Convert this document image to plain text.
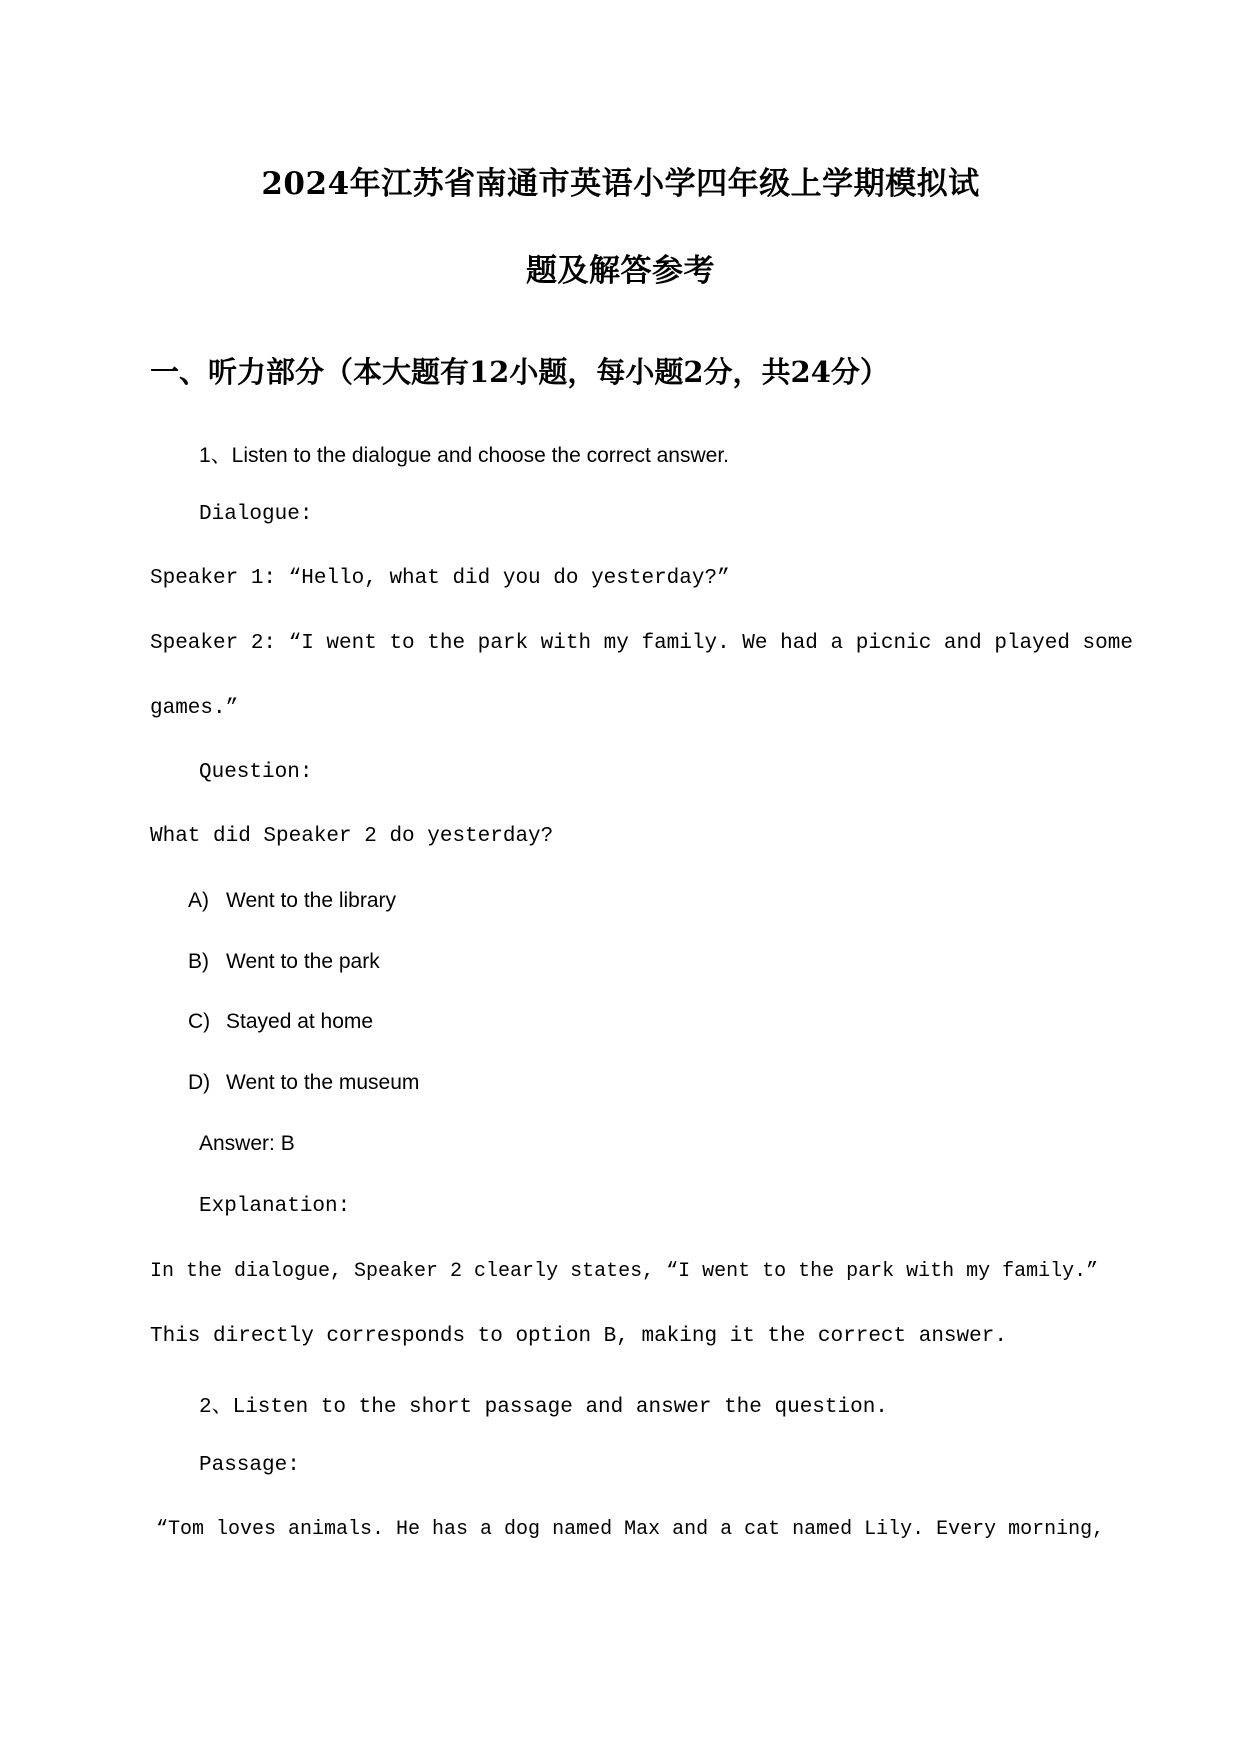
2024年江苏省南通市英语小学四年级上学期模拟试
题及解答参考
一、听力部分（本大题有12小题，每小题2分，共24分）
1、Listen to the dialogue and choose the correct answer.
Dialogue:
Speaker 1: “Hello, what did you do yesterday?”
Speaker 2: “I went to the park with my family. We had a picnic and played some
games.”
Question:
What did Speaker 2 do yesterday?
A) Went to the library
B) Went to the park
C) Stayed at home
D) Went to the museum
Answer: B
Explanation:
In the dialogue, Speaker 2 clearly states, “I went to the park with my family.”
This directly corresponds to option B, making it the correct answer.
2、Listen to the short passage and answer the question.
Passage:
“Tom loves animals. He has a dog named Max and a cat named Lily. Every morning,
